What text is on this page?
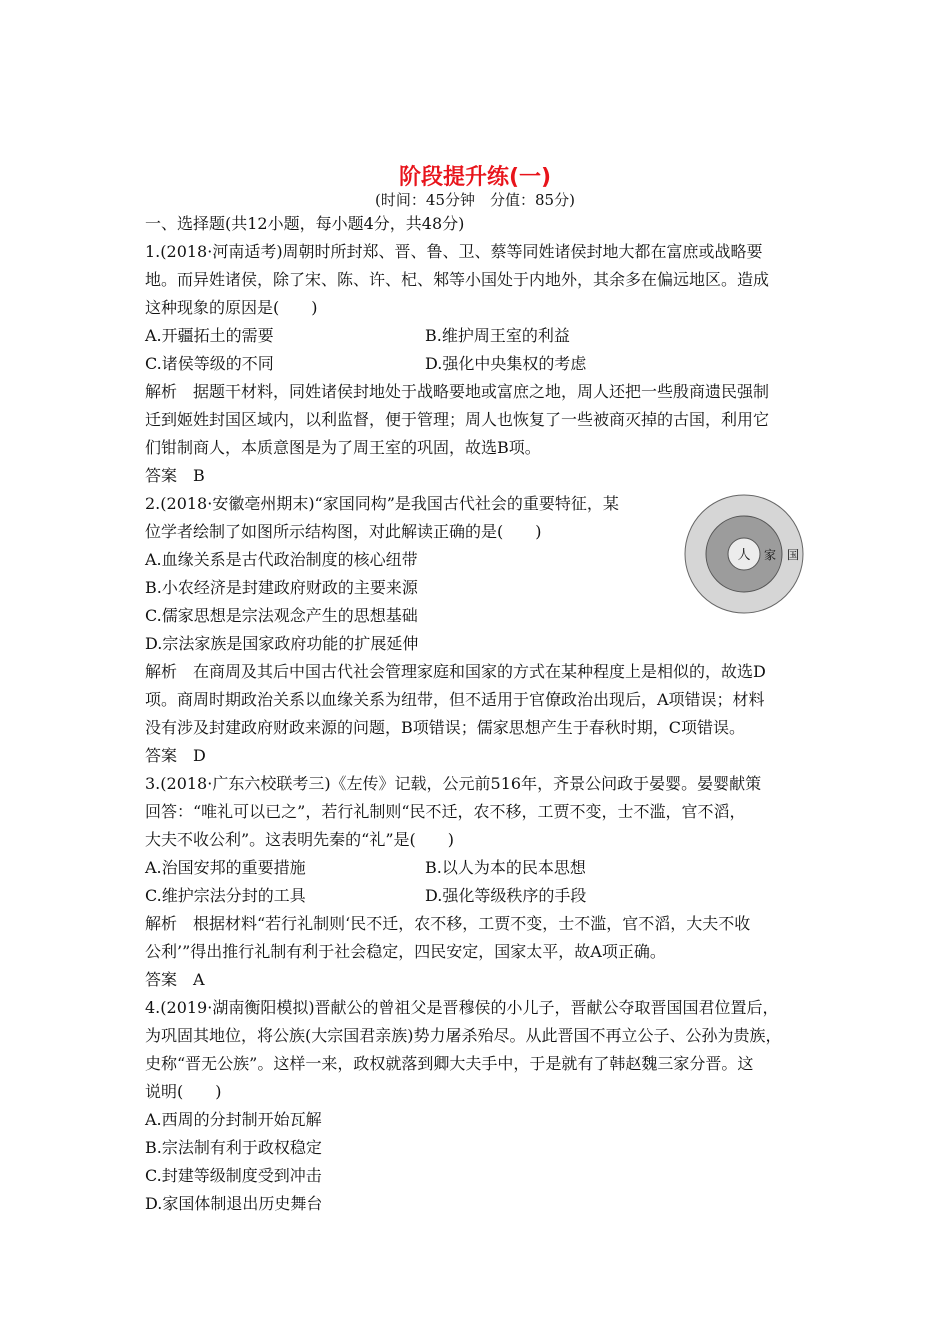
阶段提升练(一)
(时间：45分钟　分值：85分)
一、选择题(共12小题，每小题4分，共48分)
1.(2018·河南适考)周朝时所封郑、晋、鲁、卫、蔡等同姓诸侯封地大都在富庶或战略要
地。而异姓诸侯，除了宋、陈、许、杞、邾等小国处于内地外，其余多在偏远地区。造成
这种现象的原因是(　　)
A.开疆拓土的需要	B.维护周王室的利益
C.诸侯等级的不同	D.强化中央集权的考虑
解析　据题干材料，同姓诸侯封地处于战略要地或富庶之地，周人还把一些殷商遗民强制
迁到姬姓封国区域内，以利监督，便于管理；周人也恢复了一些被商灭掉的古国，利用它
们钳制商人，本质意图是为了周王室的巩固，故选B项。
答案　B
2.(2018·安徽亳州期末)“家国同构”是我国古代社会的重要特征，某
位学者绘制了如图所示结构图，对此解读正确的是(　　)
A.血缘关系是古代政治制度的核心纽带
B.小农经济是封建政府财政的主要来源
C.儒家思想是宗法观念产生的思想基础
D.宗法家族是国家政府功能的扩展延伸
人 家 国
解析　在商周及其后中国古代社会管理家庭和国家的方式在某种程度上是相似的，故选D
项。商周时期政治关系以血缘关系为纽带，但不适用于官僚政治出现后，A项错误；材料
没有涉及封建政府财政来源的问题，B项错误；儒家思想产生于春秋时期，C项错误。
答案　D
3.(2018·广东六校联考三)《左传》记载，公元前516年，齐景公问政于晏婴。晏婴献策
回答：“唯礼可以已之”，若行礼制则“民不迁，农不移，工贾不变，士不滥，官不滔，
大夫不收公利”。这表明先秦的“礼”是(　　)
A.治国安邦的重要措施	B.以人为本的民本思想
C.维护宗法分封的工具	D.强化等级秩序的手段
解析　根据材料“若行礼制则‘民不迁，农不移，工贾不变，士不滥，官不滔，大夫不收
公利’”得出推行礼制有利于社会稳定，四民安定，国家太平，故A项正确。
答案　A
4.(2019·湖南衡阳模拟)晋献公的曾祖父是晋穆侯的小儿子，晋献公夺取晋国国君位置后，
为巩固其地位，将公族(大宗国君亲族)势力屠杀殆尽。从此晋国不再立公子、公孙为贵族，
史称“晋无公族”。这样一来，政权就落到卿大夫手中，于是就有了韩赵魏三家分晋。这
说明(　　)
A.西周的分封制开始瓦解
B.宗法制有利于政权稳定
C.封建等级制度受到冲击
D.家国体制退出历史舞台
